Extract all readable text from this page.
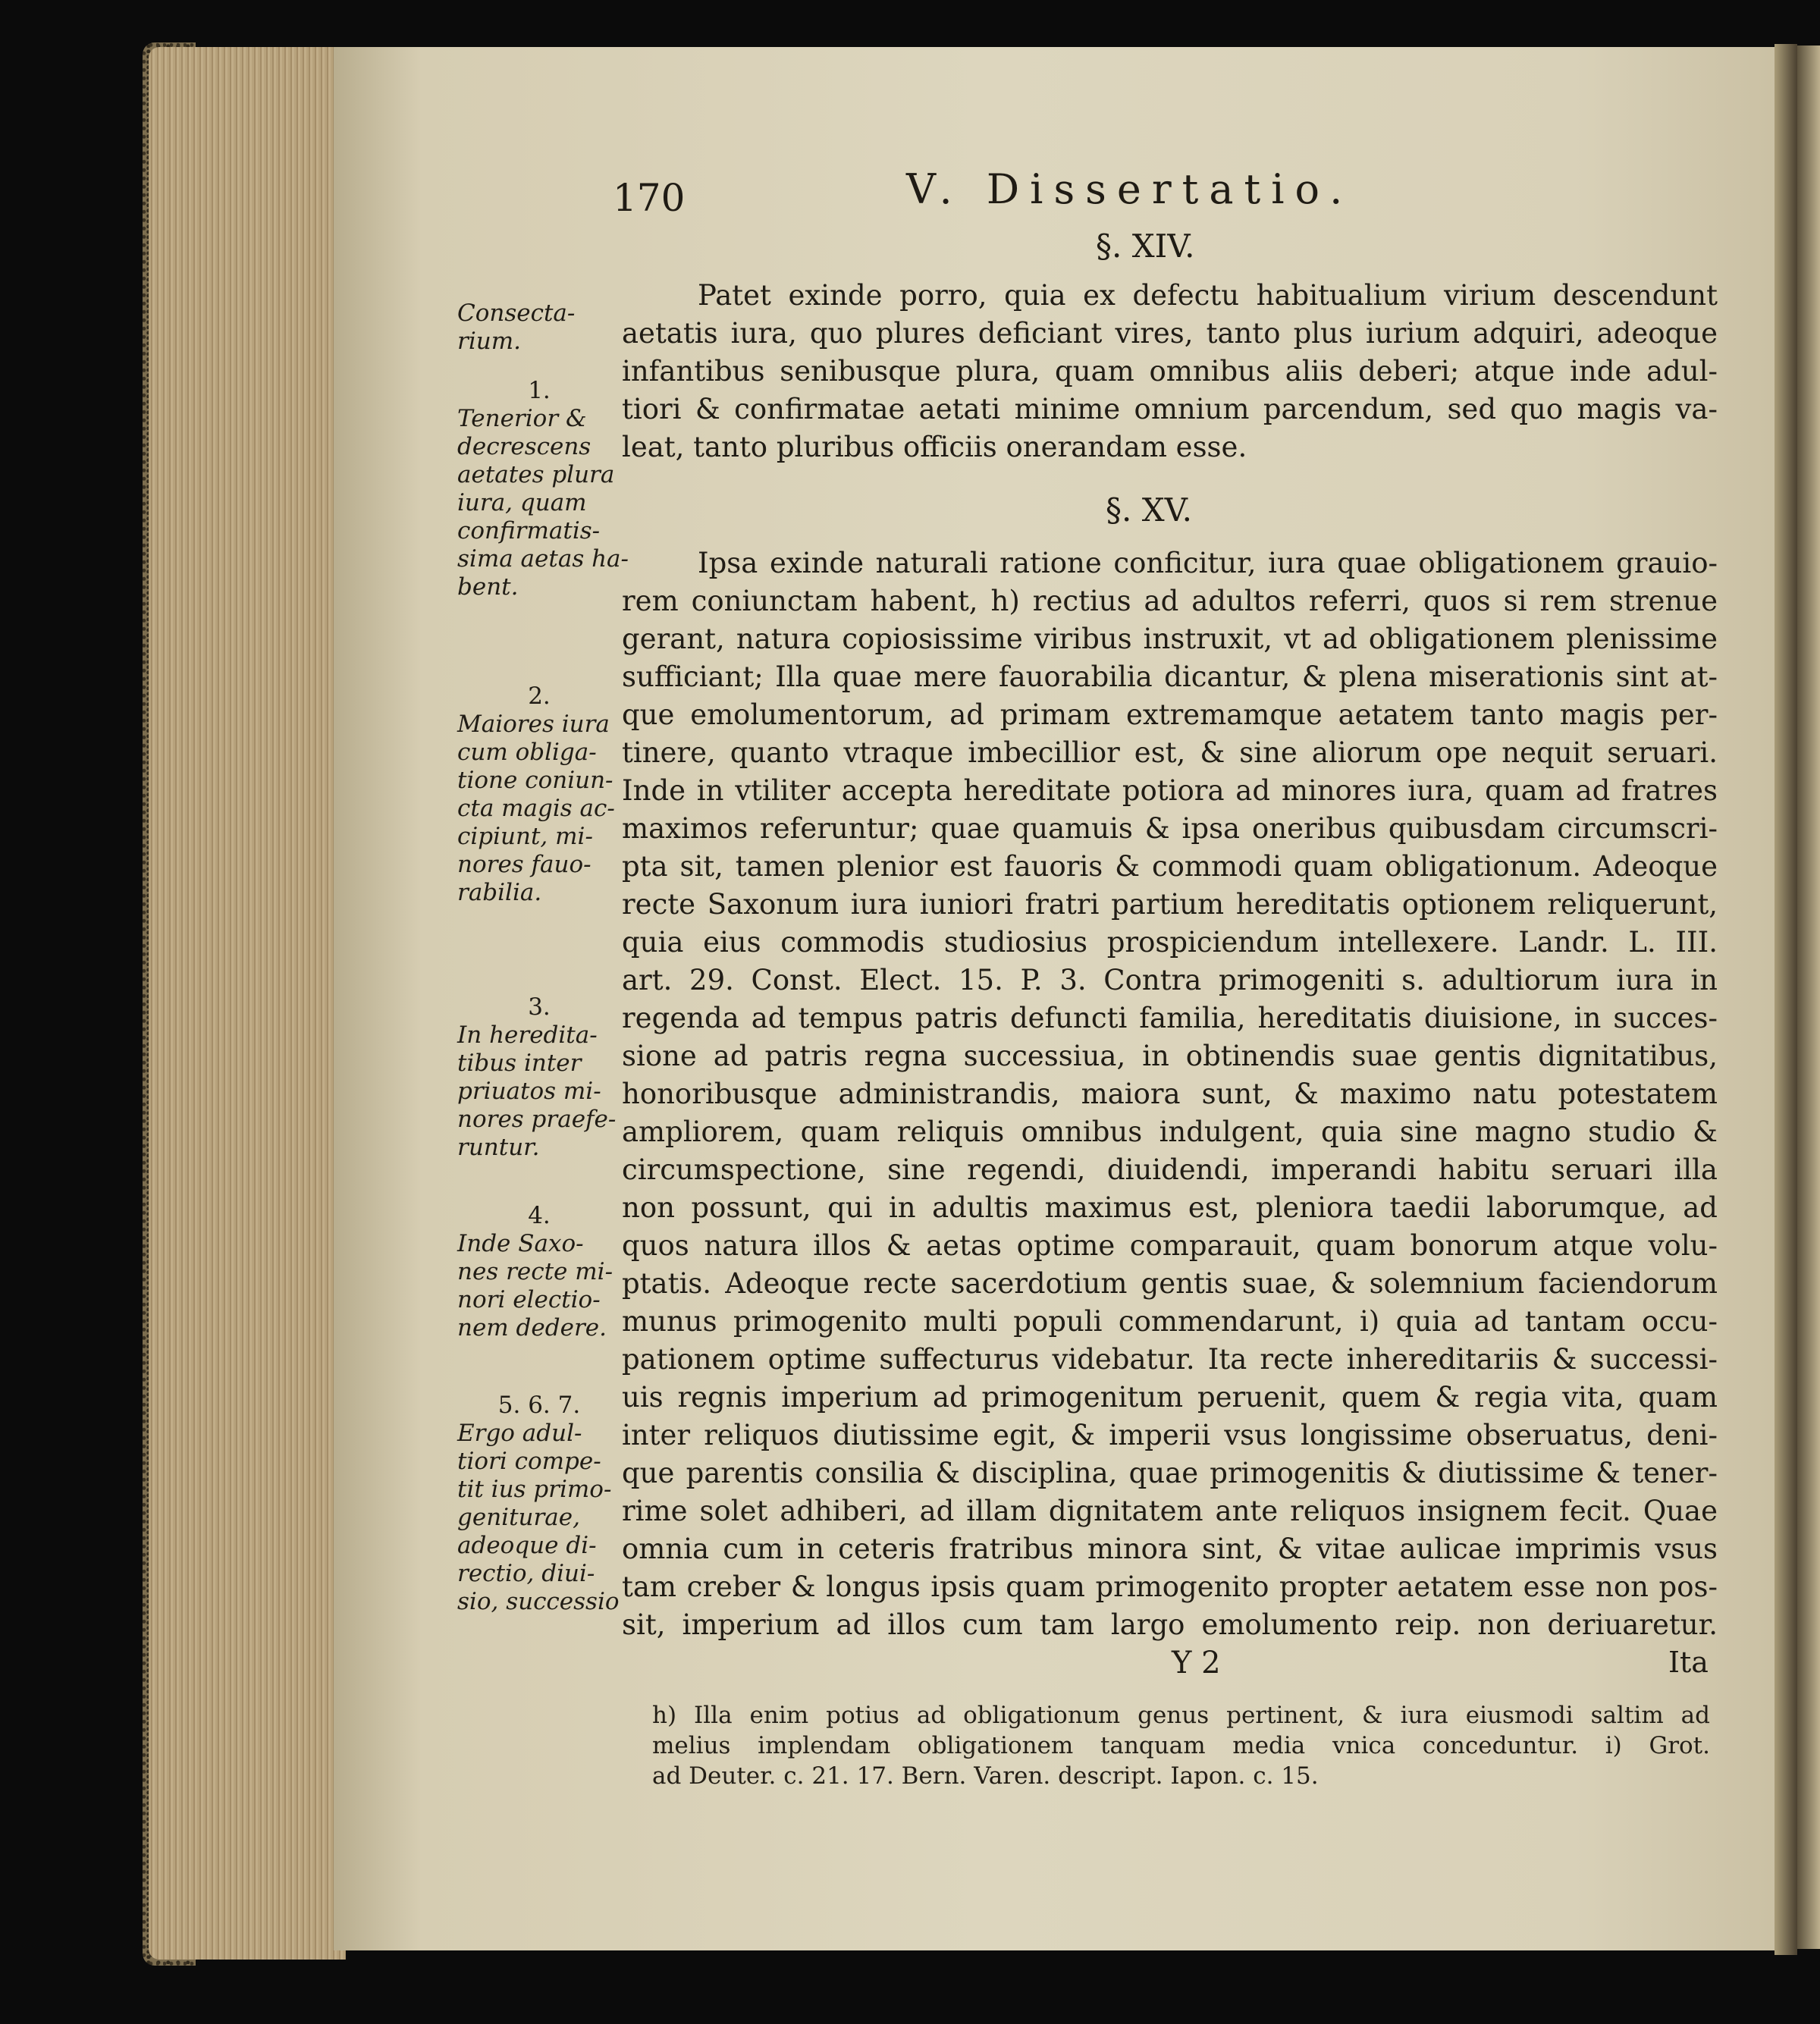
170	V. Dissertatio.
§. XIV.
§. XV.
Patet exinde porro, quia ex defectu habitualium virium descendunt
aetatis iura, quo plures deficiant vires, tanto plus iurium adquiri, adeoque
infantibus senibusque plura, quam omnibus aliis deberi; atque inde adul-
tiori & confirmatae aetati minime omnium parcendum, sed quo magis va-
leat, tanto pluribus officiis onerandam esse.
Ipsa exinde naturali ratione conficitur, iura quae obligationem grauio-
rem coniunctam habent, h) rectius ad adultos referri, quos si rem strenue
gerant, natura copiosissime viribus instruxit, vt ad obligationem plenissime
sufficiant; Illa quae mere fauorabilia dicantur, & plena miserationis sint at-
que emolumentorum, ad primam extremamque aetatem tanto magis per-
tinere, quanto vtraque imbecillior est, & sine aliorum ope nequit seruari.
Inde in vtiliter accepta hereditate potiora ad minores iura, quam ad fratres
maximos referuntur; quae quamuis & ipsa oneribus quibusdam circumscri-
pta sit, tamen plenior est fauoris & commodi quam obligationum. Adeoque
recte Saxonum iura iuniori fratri partium hereditatis optionem reliquerunt,
quia eius commodis studiosius prospiciendum intellexere. Landr. L. III.
art. 29. Const. Elect. 15. P. 3. Contra primogeniti s. adultiorum iura in
regenda ad tempus patris defuncti familia, hereditatis diuisione, in succes-
sione ad patris regna successiua, in obtinendis suae gentis dignitatibus,
honoribusque administrandis, maiora sunt, & maximo natu potestatem
ampliorem, quam reliquis omnibus indulgent, quia sine magno studio &
circumspectione, sine regendi, diuidendi, imperandi habitu seruari illa
non possunt, qui in adultis maximus est, pleniora taedii laborumque, ad
quos natura illos & aetas optime comparauit, quam bonorum atque volu-
ptatis. Adeoque recte sacerdotium gentis suae, & solemnium faciendorum
munus primogenito multi populi commendarunt, i) quia ad tantam occu-
pationem optime suffecturus videbatur. Ita recte inhereditariis & successi-
uis regnis imperium ad primogenitum peruenit, quem & regia vita, quam
inter reliquos diutissime egit, & imperii vsus longissime obseruatus, deni-
que parentis consilia & disciplina, quae primogenitis & diutissime & tener-
rime solet adhiberi, ad illam dignitatem ante reliquos insignem fecit. Quae
omnia cum in ceteris fratribus minora sint, & vitae aulicae imprimis vsus
tam creber & longus ipsis quam primogenito propter aetatem esse non pos-
sit, imperium ad illos cum tam largo emolumento reip. non deriuaretur.
Consecta-
rium.
1.
Tenerior &
decrescens
aetates plura
iura, quam
confirmatis-
sima aetas ha-
bent.
2.
Maiores iura
cum obliga-
tione coniun-
cta magis ac-
cipiunt, mi-
nores fauo-
rabilia.
3.
In heredita-
tibus inter
priuatos mi-
nores praefe-
runtur.
4.
Inde Saxo-
nes recte mi-
nori electio-
nem dedere.
5. 6. 7.
Ergo adul-
tiori compe-
tit ius primo-
geniturae,
adeoque di-
rectio, diui-
sio, successio
Y 2	Ita
h) Illa enim potius ad obligationum genus pertinent, & iura eiusmodi saltim ad
melius implendam obligationem tanquam media vnica conceduntur. i) Grot.
ad Deuter. c. 21. 17. Bern. Varen. descript. Iapon. c. 15.
